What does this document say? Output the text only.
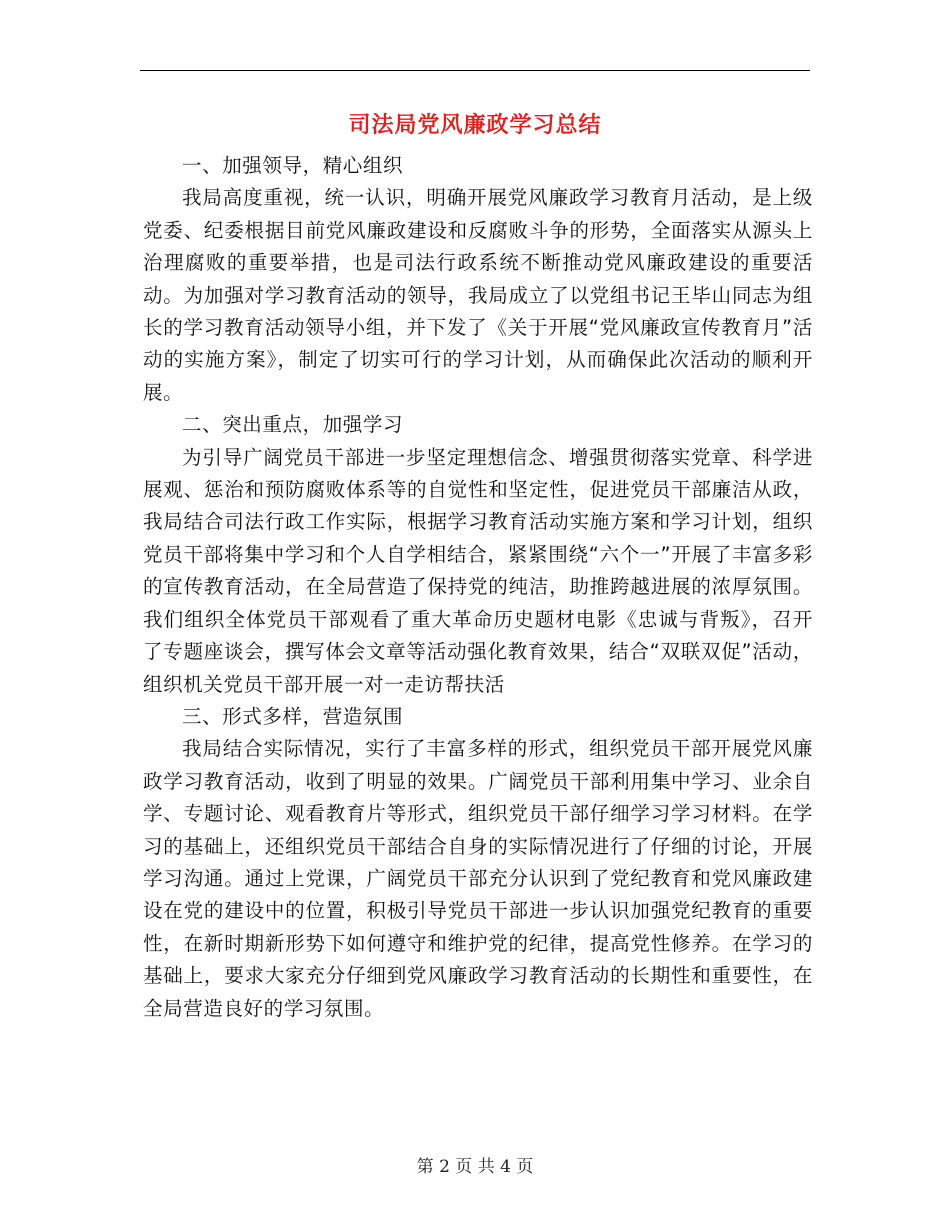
司法局党风廉政学习总结

一、加强领导，精心组织

我局高度重视，统一认识，明确开展党风廉政学习教育月活动，是上级党委、纪委根据目前党风廉政建设和反腐败斗争的形势，全面落实从源头上治理腐败的重要举措，也是司法行政系统不断推动党风廉政建设的重要活动。为加强对学习教育活动的领导，我局成立了以党组书记王毕山同志为组长的学习教育活动领导小组，并下发了《关于开展“党风廉政宣传教育月”活动的实施方案》，制定了切实可行的学习计划，从而确保此次活动的顺利开展。

二、突出重点，加强学习

为引导广阔党员干部进一步坚定理想信念、增强贯彻落实党章、科学进展观、惩治和预防腐败体系等的自觉性和坚定性，促进党员干部廉洁从政，我局结合司法行政工作实际，根据学习教育活动实施方案和学习计划，组织党员干部将集中学习和个人自学相结合，紧紧围绕“六个一”开展了丰富多彩的宣传教育活动，在全局营造了保持党的纯洁，助推跨越进展的浓厚氛围。我们组织全体党员干部观看了重大革命历史题材电影《忠诚与背叛》，召开了专题座谈会，撰写体会文章等活动强化教育效果，结合“双联双促”活动，组织机关党员干部开展一对一走访帮扶活

三、形式多样，营造氛围

我局结合实际情况，实行了丰富多样的形式，组织党员干部开展党风廉政学习教育活动，收到了明显的效果。广阔党员干部利用集中学习、业余自学、专题讨论、观看教育片等形式，组织党员干部仔细学习学习材料。在学习的基础上，还组织党员干部结合自身的实际情况进行了仔细的讨论，开展学习沟通。通过上党课，广阔党员干部充分认识到了党纪教育和党风廉政建设在党的建设中的位置，积极引导党员干部进一步认识加强党纪教育的重要性，在新时期新形势下如何遵守和维护党的纪律，提高党性修养。在学习的基础上，要求大家充分仔细到党风廉政学习教育活动的长期性和重要性，在全局营造良好的学习氛围。

第 2 页 共 4 页
